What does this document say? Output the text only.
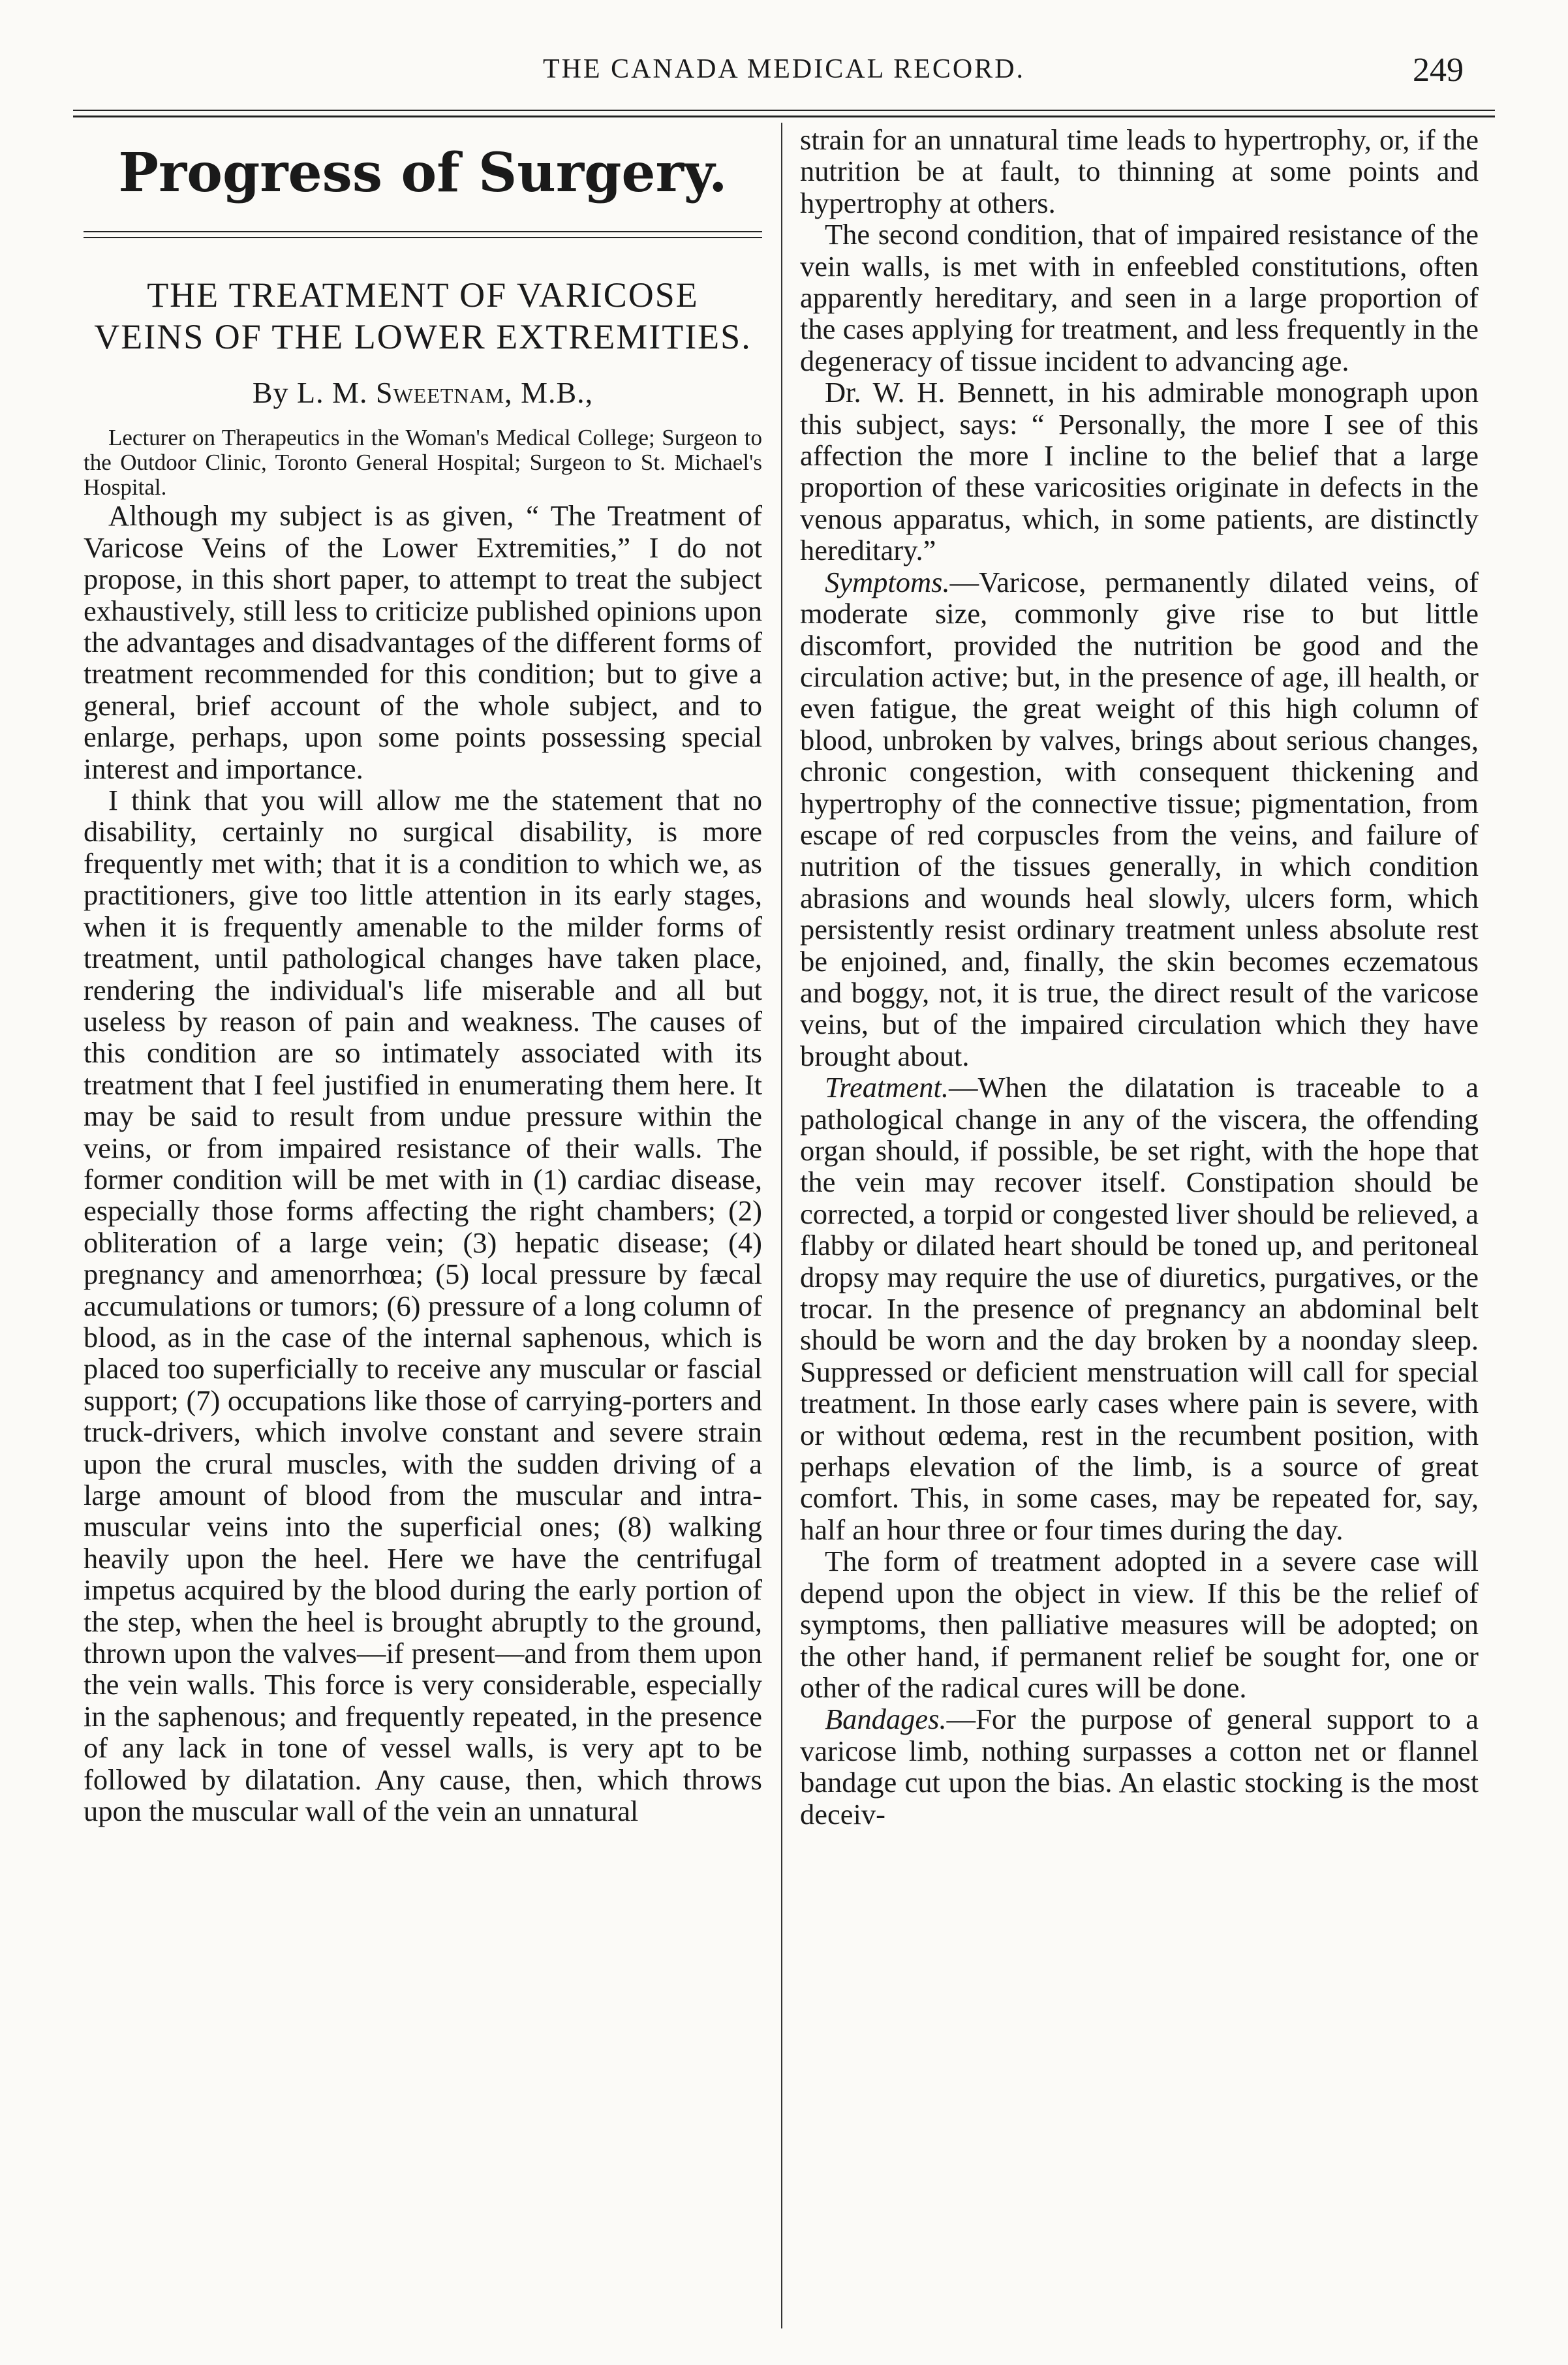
THE CANADA MEDICAL RECORD.	249
Progress of Surgery.
THE TREATMENT OF VARICOSE VEINS OF THE LOWER EXTREMITIES.
By L. M. Sweetnam, M.B.,

Lecturer on Therapeutics in the Woman's Medical College; Surgeon to the Outdoor Clinic, Toronto General Hospital; Surgeon to St. Michael's Hospital.

Although my subject is as given, “ The Treatment of Varicose Veins of the Lower Extremities,” I do not propose, in this short paper, to attempt to treat the subject exhaustively, still less to criticize published opinions upon the advantages and disadvantages of the different forms of treatment recommended for this condition; but to give a general, brief account of the whole subject, and to enlarge, perhaps, upon some points possessing special interest and importance.

I think that you will allow me the statement that no disability, certainly no surgical disability, is more frequently met with; that it is a condition to which we, as practitioners, give too little attention in its early stages, when it is frequently amenable to the milder forms of treatment, until pathological changes have taken place, rendering the individual's life miserable and all but useless by reason of pain and weakness. The causes of this condition are so intimately associated with its treatment that I feel justified in enumerating them here. It may be said to result from undue pressure within the veins, or from impaired resistance of their walls. The former condition will be met with in (1) cardiac disease, especially those forms affecting the right chambers; (2) obliteration of a large vein; (3) hepatic disease; (4) pregnancy and amenorrhœa; (5) local pressure by fæcal accumulations or tumors; (6) pressure of a long column of blood, as in the case of the internal saphenous, which is placed too superficially to receive any muscular or fascial support; (7) occupations like those of carrying-porters and truck-drivers, which involve constant and severe strain upon the crural muscles, with the sudden driving of a large amount of blood from the muscular and intra-muscular veins into the superficial ones; (8) walking heavily upon the heel. Here we have the centrifugal impetus acquired by the blood during the early portion of the step, when the heel is brought abruptly to the ground, thrown upon the valves—if present—and from them upon the vein walls. This force is very considerable, especially in the saphenous; and frequently repeated, in the presence of any lack in tone of vessel walls, is very apt to be followed by dilatation. Any cause, then, which throws upon the muscular wall of the vein an unnatural

strain for an unnatural time leads to hypertrophy, or, if the nutrition be at fault, to thinning at some points and hypertrophy at others.

The second condition, that of impaired resistance of the vein walls, is met with in enfeebled constitutions, often apparently hereditary, and seen in a large proportion of the cases applying for treatment, and less frequently in the degeneracy of tissue incident to advancing age.

Dr. W. H. Bennett, in his admirable monograph upon this subject, says: “ Personally, the more I see of this affection the more I incline to the belief that a large proportion of these varicosities originate in defects in the venous apparatus, which, in some patients, are distinctly hereditary.”

Symptoms.—Varicose, permanently dilated veins, of moderate size, commonly give rise to but little discomfort, provided the nutrition be good and the circulation active; but, in the presence of age, ill health, or even fatigue, the great weight of this high column of blood, unbroken by valves, brings about serious changes, chronic congestion, with consequent thickening and hypertrophy of the connective tissue; pigmentation, from escape of red corpuscles from the veins, and failure of nutrition of the tissues generally, in which condition abrasions and wounds heal slowly, ulcers form, which persistently resist ordinary treatment unless absolute rest be enjoined, and, finally, the skin becomes eczematous and boggy, not, it is true, the direct result of the varicose veins, but of the impaired circulation which they have brought about.

Treatment.—When the dilatation is traceable to a pathological change in any of the viscera, the offending organ should, if possible, be set right, with the hope that the vein may recover itself. Constipation should be corrected, a torpid or congested liver should be relieved, a flabby or dilated heart should be toned up, and peritoneal dropsy may require the use of diuretics, purgatives, or the trocar. In the presence of pregnancy an abdominal belt should be worn and the day broken by a noonday sleep. Suppressed or deficient menstruation will call for special treatment. In those early cases where pain is severe, with or without œdema, rest in the recumbent position, with perhaps elevation of the limb, is a source of great comfort. This, in some cases, may be repeated for, say, half an hour three or four times during the day.

The form of treatment adopted in a severe case will depend upon the object in view. If this be the relief of symptoms, then palliative measures will be adopted; on the other hand, if permanent relief be sought for, one or other of the radical cures will be done.

Bandages.—For the purpose of general support to a varicose limb, nothing surpasses a cotton net or flannel bandage cut upon the bias. An elastic stocking is the most deceiv-
